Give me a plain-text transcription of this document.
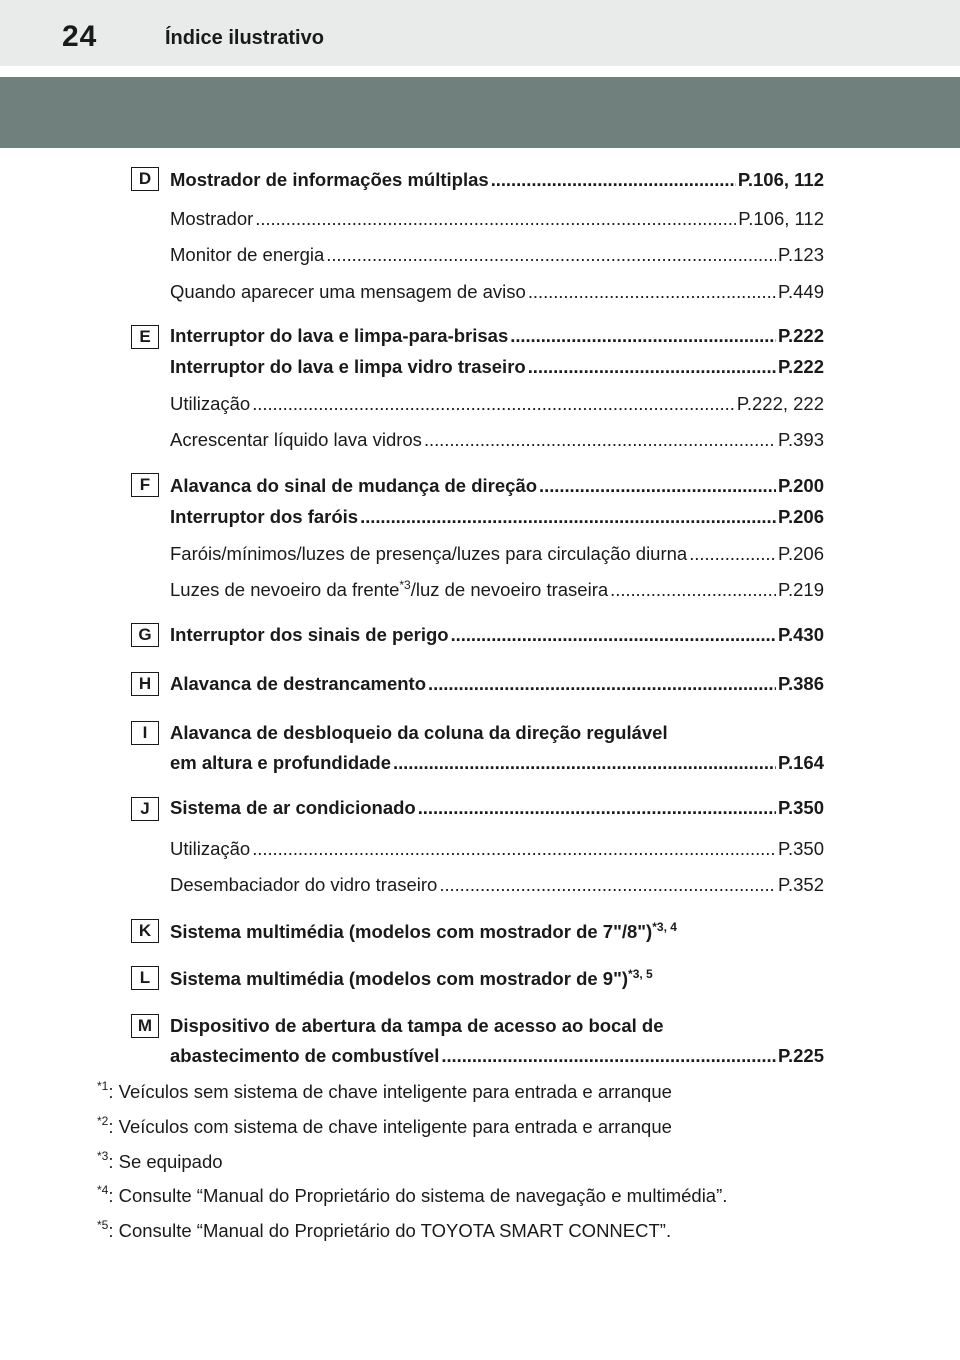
24	Índice ilustrativo
D	Mostrador de informações múltiplas . . .	P.106, 112
Mostrador . . .	P.106, 112
Monitor de energia . . .	P.123
Quando aparecer uma mensagem de aviso . . .	P.449
E	Interruptor do lava e limpa-para-brisas . . .	P.222
Interruptor do lava e limpa vidro traseiro . . .	P.222
Utilização . . .	P.222, 222
Acrescentar líquido lava vidros . . .	P.393
F	Alavanca do sinal de mudança de direção . . .	P.200
Interruptor dos faróis . . .	P.206
Faróis/mínimos/luzes de presença/luzes para circulação diurna . . .	P.206
Luzes de nevoeiro da frente$^{*3}$/luz de nevoeiro traseira . . .	P.219
G Interruptor dos sinais de perigo . . .	P.430
H	Alavanca de destrancamento . . .	P.386
I	Alavanca de desbloqueio da coluna da direção regulável
em altura e profundidade . . .	P.164
J	Sistema de ar condicionado . . .	P.350
Utilização . . .	P.350
Desembaciador do vidro traseiro . . .	P.352
K	Sistema multimédia (modelos com mostrador de 7"/8")$^{*3, 4}$
L	Sistema multimédia (modelos com mostrador de 9")$^{*3, 5}$
M Dispositivo de abertura da tampa de acesso ao bocal de
abastecimento de combustível . . .	P.225
$^{*1}$: Veículos sem sistema de chave inteligente para entrada e arranque
$^{*2}$: Veículos com sistema de chave inteligente para entrada e arranque
$^{*3}$: Se equipado
$^{*4}$: Consulte “Manual do Proprietário do sistema de navegação e multimédia”.
$^{*5}$: Consulte “Manual do Proprietário do TOYOTA SMART CONNECT”.
